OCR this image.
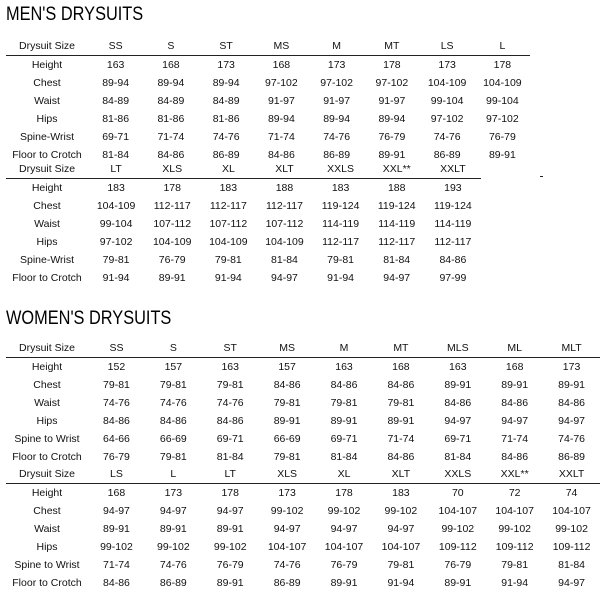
MEN'S DRYSUITS
Drysuit Size	SS	S	ST	MS	M	MT	LS	L
Height	163	168	173	168	173	178	173	178
Chest	89-94	89-94	89-94	97-102	97-102	97-102	104-109	104-109
Waist	84-89	84-89	84-89	91-97	91-97	91-97	99-104	99-104
Hips	81-86	81-86	81-86	89-94	89-94	89-94	97-102	97-102
Spine-Wrist	69-71	71-74	74-76	71-74	74-76	76-79	74-76	76-79
Floor to Crotch	81-84	84-86	86-89	84-86	86-89	89-91	86-89	89-91
Drysuit Size	LT	XLS	XL	XLT	XXLS	XXL**	XXLT
Height	183	178	183	188	183	188	193
Chest	104-109	112-117	112-117	112-117	119-124	119-124	119-124
Waist	99-104	107-112	107-112	107-112	114-119	114-119	114-119
Hips	97-102	104-109	104-109	104-109	112-117	112-117	112-117
Spine-Wrist	79-81	76-79	79-81	81-84	79-81	81-84	84-86
Floor to Crotch	91-94	89-91	91-94	94-97	91-94	94-97	97-99
WOMEN'S DRYSUITS
Drysuit Size	SS	S	ST	MS	M	MT	MLS	ML	MLT
Height	152	157	163	157	163	168	163	168	173
Chest	79-81	79-81	79-81	84-86	84-86	84-86	89-91	89-91	89-91
Waist	74-76	74-76	74-76	79-81	79-81	79-81	84-86	84-86	84-86
Hips	84-86	84-86	84-86	89-91	89-91	89-91	94-97	94-97	94-97
Spine to Wrist	64-66	66-69	69-71	66-69	69-71	71-74	69-71	71-74	74-76
Floor to Crotch	76-79	79-81	81-84	79-81	81-84	84-86	81-84	84-86	86-89
Drysuit Size	LS	L	LT	XLS	XL	XLT	XXLS	XXL**	XXLT
Height	168	173	178	173	178	183	70	72	74
Chest	94-97	94-97	94-97	99-102	99-102	99-102	104-107	104-107	104-107
Waist	89-91	89-91	89-91	94-97	94-97	94-97	99-102	99-102	99-102
Hips	99-102	99-102	99-102	104-107	104-107	104-107	109-112	109-112	109-112
Spine to Wrist	71-74	74-76	76-79	74-76	76-79	79-81	76-79	79-81	81-84
Floor to Crotch	84-86	86-89	89-91	86-89	89-91	91-94	89-91	91-94	94-97
